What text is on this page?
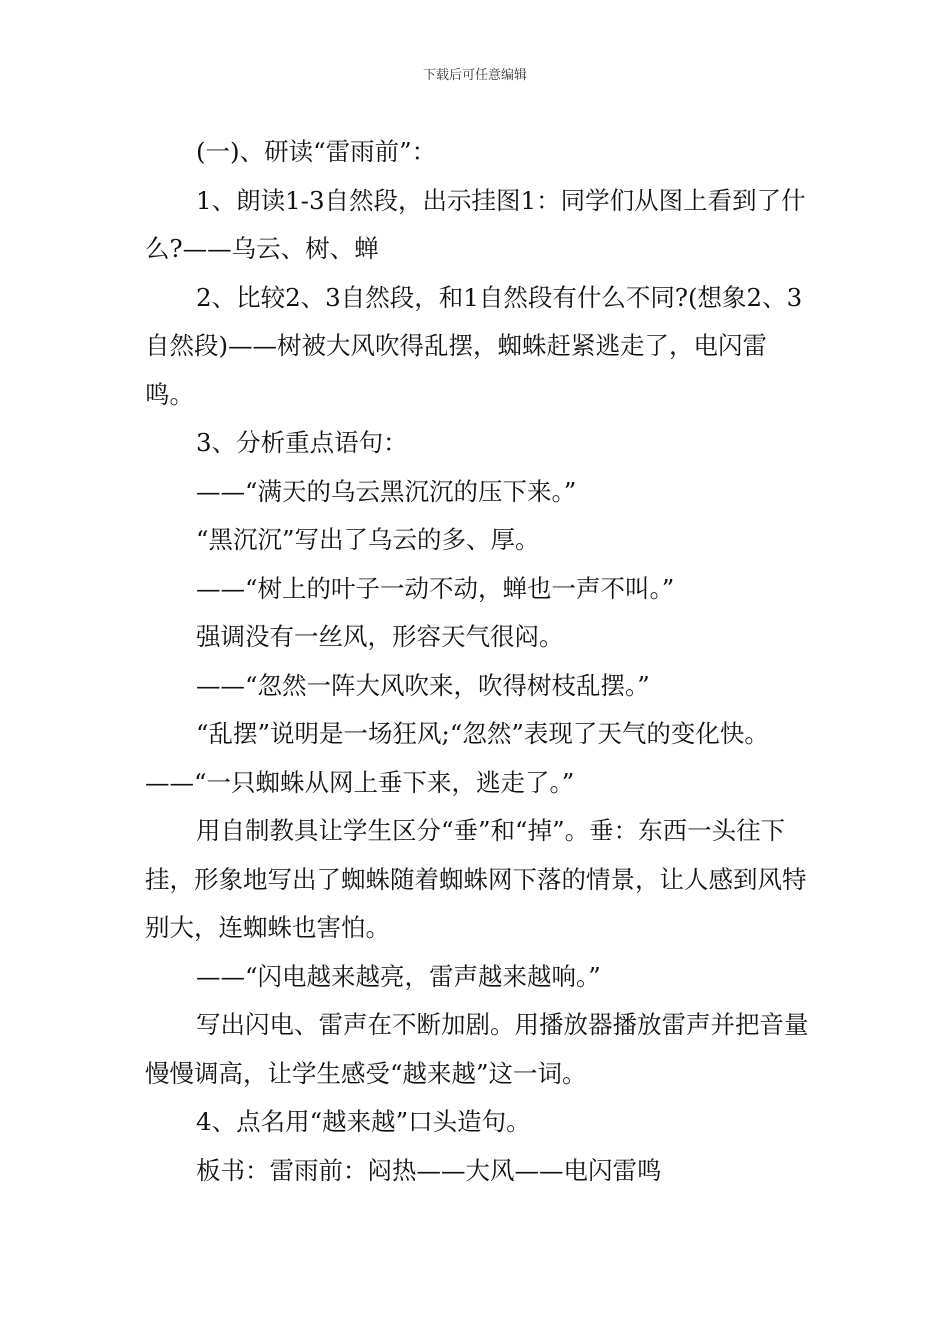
下载后可任意编辑

(一)、研读“雷雨前”：

1、朗读1-3自然段，出示挂图1：同学们从图上看到了什么?——乌云、树、蝉

2、比较2、3自然段，和1自然段有什么不同?(想象2、3自然段)——树被大风吹得乱摆，蜘蛛赶紧逃走了，电闪雷鸣。

3、分析重点语句：

——“满天的乌云黑沉沉的压下来。”

“黑沉沉”写出了乌云的多、厚。

——“树上的叶子一动不动，蝉也一声不叫。”

强调没有一丝风，形容天气很闷。

——“忽然一阵大风吹来，吹得树枝乱摆。”

“乱摆”说明是一场狂风;“忽然”表现了天气的变化快。——“一只蜘蛛从网上垂下来，逃走了。”

用自制教具让学生区分“垂”和“掉”。垂：东西一头往下挂，形象地写出了蜘蛛随着蜘蛛网下落的情景，让人感到风特别大，连蜘蛛也害怕。

——“闪电越来越亮，雷声越来越响。”

写出闪电、雷声在不断加剧。用播放器播放雷声并把音量慢慢调高，让学生感受“越来越”这一词。

4、点名用“越来越”口头造句。

板书：雷雨前：闷热——大风——电闪雷鸣
